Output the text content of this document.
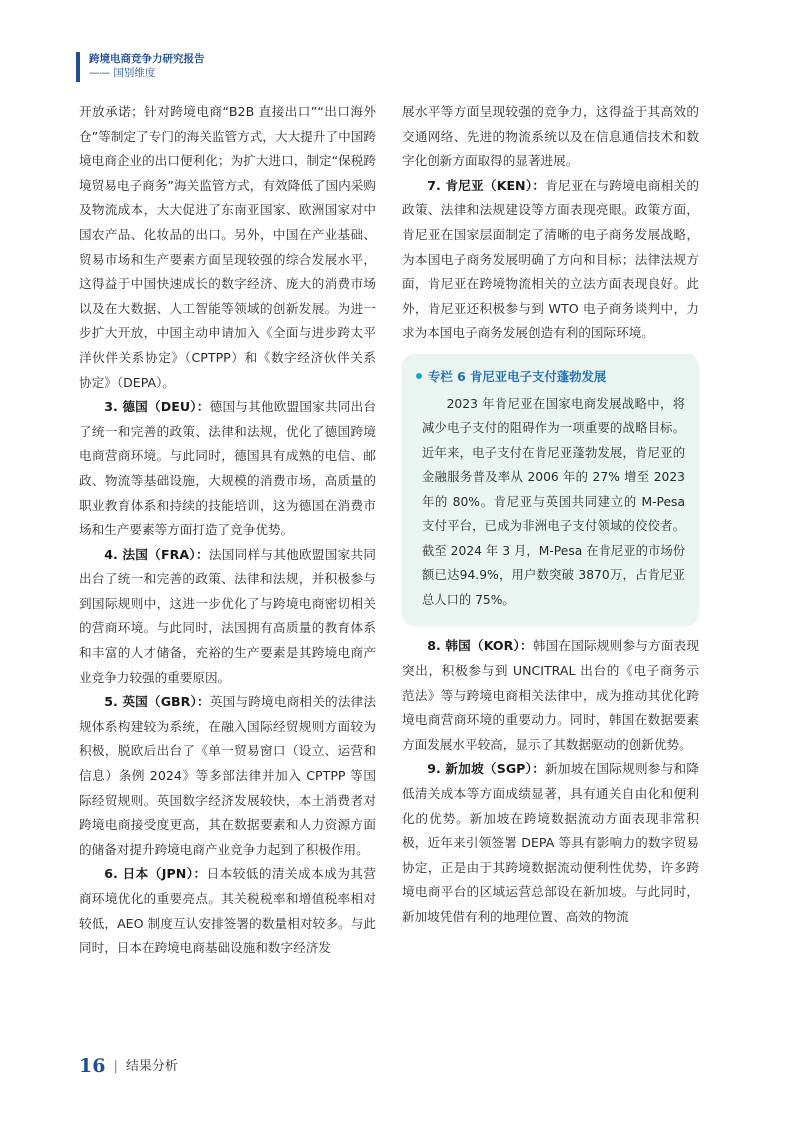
跨境电商竞争力研究报告
—— 国别维度

开放承诺；针对跨境电商“B2B 直接出口”“出口海外仓”等制定了专门的海关监管方式，大大提升了中国跨境电商企业的出口便利化；为扩大进口，制定“保税跨境贸易电子商务”海关监管方式，有效降低了国内采购及物流成本，大大促进了东南亚国家、欧洲国家对中国农产品、化妆品的出口。另外，中国在产业基础、贸易市场和生产要素方面呈现较强的综合发展水平，这得益于中国快速成长的数字经济、庞大的消费市场以及在大数据、人工智能等领域的创新发展。为进一步扩大开放，中国主动申请加入《全面与进步跨太平洋伙伴关系协定》（CPTPP）和《数字经济伙伴关系协定》（DEPA）。

3. 德国（DEU）：德国与其他欧盟国家共同出台了统一和完善的政策、法律和法规，优化了德国跨境电商营商环境。与此同时，德国具有成熟的电信、邮政、物流等基础设施，大规模的消费市场，高质量的职业教育体系和持续的技能培训，这为德国在消费市场和生产要素等方面打造了竞争优势。

4. 法国（FRA）：法国同样与其他欧盟国家共同出台了统一和完善的政策、法律和法规，并积极参与到国际规则中，这进一步优化了与跨境电商密切相关的营商环境。与此同时，法国拥有高质量的教育体系和丰富的人才储备，充裕的生产要素是其跨境电商产业竞争力较强的重要原因。

5. 英国（GBR）：英国与跨境电商相关的法律法规体系构建较为系统，在融入国际经贸规则方面较为积极，脱欧后出台了《单一贸易窗口（设立、运营和信息）条例 2024》等多部法律并加入 CPTPP 等国际经贸规则。英国数字经济发展较快，本土消费者对跨境电商接受度更高，其在数据要素和人力资源方面的储备对提升跨境电商产业竞争力起到了积极作用。

6. 日本（JPN）：日本较低的清关成本成为其营商环境优化的重要亮点。其关税税率和增值税率相对较低，AEO 制度互认安排签署的数量相对较多。与此同时，日本在跨境电商基础设施和数字经济发

展水平等方面呈现较强的竞争力，这得益于其高效的交通网络、先进的物流系统以及在信息通信技术和数字化创新方面取得的显著进展。

7. 肯尼亚（KEN）：肯尼亚在与跨境电商相关的政策、法律和法规建设等方面表现亮眼。政策方面，肯尼亚在国家层面制定了清晰的电子商务发展战略，为本国电子商务发展明确了方向和目标；法律法规方面，肯尼亚在跨境物流相关的立法方面表现良好。此外，肯尼亚还积极参与到 WTO 电子商务谈判中，力求为本国电子商务发展创造有利的国际环境。

专栏 6 肯尼亚电子支付蓬勃发展

2023 年肯尼亚在国家电商发展战略中，将减少电子支付的阻碍作为一项重要的战略目标。近年来，电子支付在肯尼亚蓬勃发展，肯尼亚的金融服务普及率从 2006 年的 27% 增至 2023 年的 80%。肯尼亚与英国共同建立的 M-Pesa 支付平台，已成为非洲电子支付领域的佼佼者。截至 2024 年 3 月，M-Pesa 在肯尼亚的市场份额已达94.9%，用户数突破 3870万，占肯尼亚总人口的 75%。

8. 韩国（KOR）：韩国在国际规则参与方面表现突出，积极参与到 UNCITRAL 出台的《电子商务示范法》等与跨境电商相关法律中，成为推动其优化跨境电商营商环境的重要动力。同时，韩国在数据要素方面发展水平较高，显示了其数据驱动的创新优势。

9. 新加坡（SGP）：新加坡在国际规则参与和降低清关成本等方面成绩显著，具有通关自由化和便利化的优势。新加坡在跨境数据流动方面表现非常积极，近年来引领签署 DEPA 等具有影响力的数字贸易协定，正是由于其跨境数据流动便利性优势，许多跨境电商平台的区域运营总部设在新加坡。与此同时，新加坡凭借有利的地理位置、高效的物流

16 | 结果分析
